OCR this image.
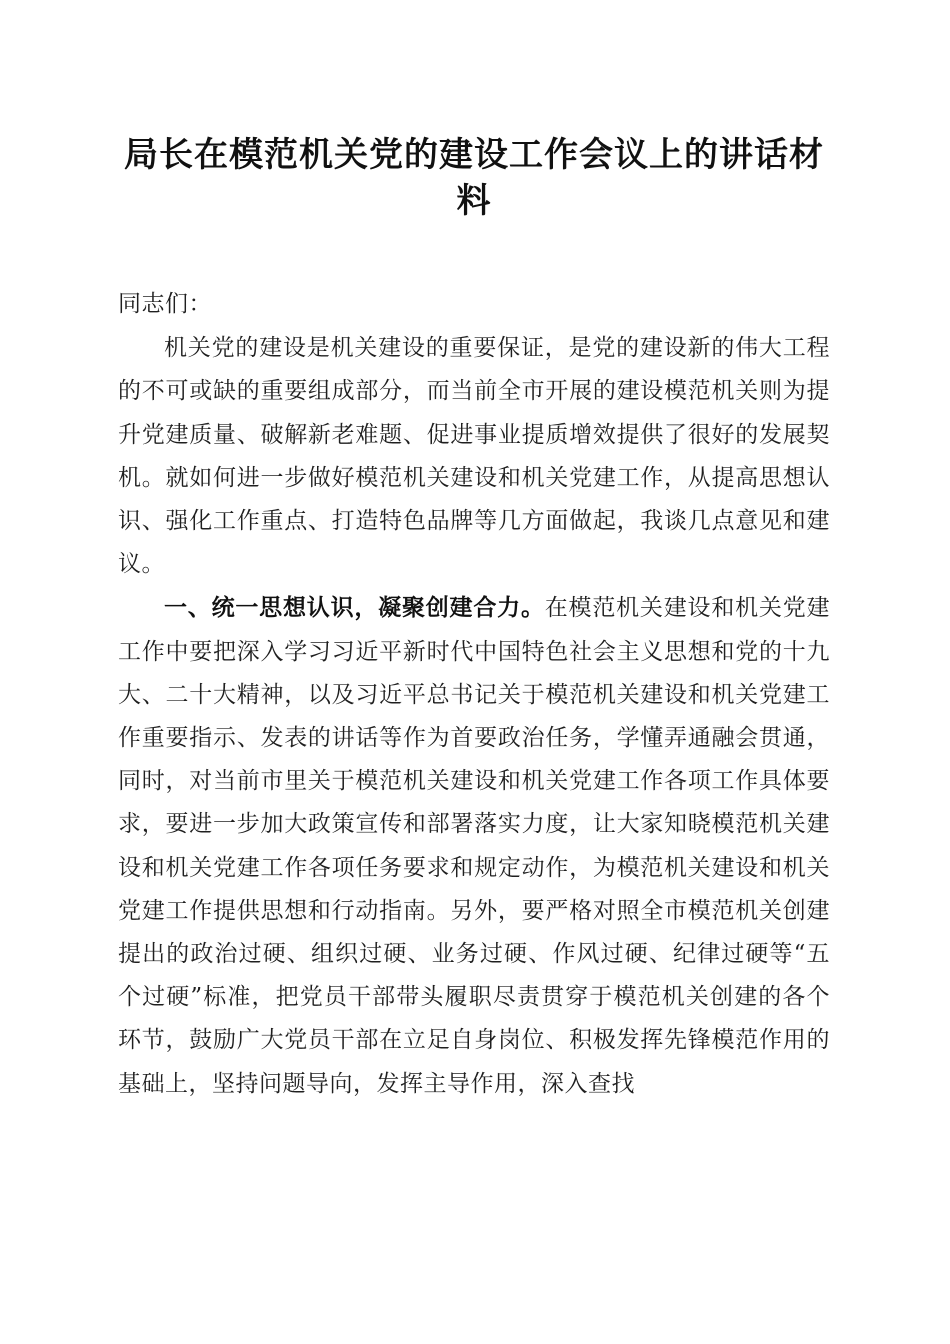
局长在模范机关党的建设工作会议上的讲话材料

同志们：

机关党的建设是机关建设的重要保证，是党的建设新的伟大工程的不可或缺的重要组成部分，而当前全市开展的建设模范机关则为提升党建质量、破解新老难题、促进事业提质增效提供了很好的发展契机。就如何进一步做好模范机关建设和机关党建工作，从提高思想认识、强化工作重点、打造特色品牌等几方面做起，我谈几点意见和建议。

一、统一思想认识，凝聚创建合力。在模范机关建设和机关党建工作中要把深入学习习近平新时代中国特色社会主义思想和党的十九大、二十大精神，以及习近平总书记关于模范机关建设和机关党建工作重要指示、发表的讲话等作为首要政治任务，学懂弄通融会贯通，同时，对当前市里关于模范机关建设和机关党建工作各项工作具体要求，要进一步加大政策宣传和部署落实力度，让大家知晓模范机关建设和机关党建工作各项任务要求和规定动作，为模范机关建设和机关党建工作提供思想和行动指南。另外，要严格对照全市模范机关创建提出的政治过硬、组织过硬、业务过硬、作风过硬、纪律过硬等“五个过硬”标准，把党员干部带头履职尽责贯穿于模范机关创建的各个环节，鼓励广大党员干部在立足自身岗位、积极发挥先锋模范作用的基础上，坚持问题导向，发挥主导作用，深入查找
